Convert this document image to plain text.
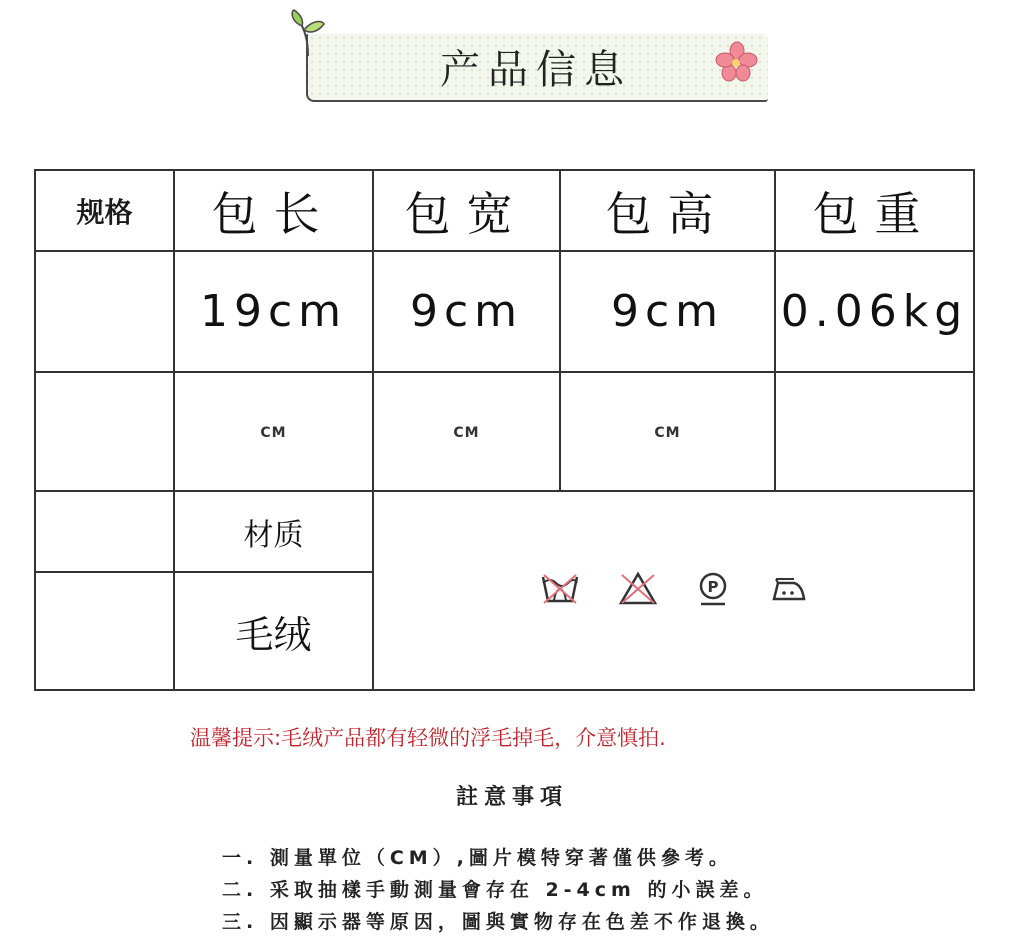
产品信息
规格	包长	包宽	包高	包重
	19cm	9cm	9cm	0.06kg
	CM	CM	CM	
	材质	P		

	毛绒			
温馨提示:毛绒产品都有轻微的浮毛掉毛，介意慎拍.
註意事項
一. 測量單位（CM）,圖片模特穿著僅供參考。
二. 采取抽樣手動測量會存在 2-4cm 的小誤差。
三. 因顯示器等原因，圖與實物存在色差不作退換。
